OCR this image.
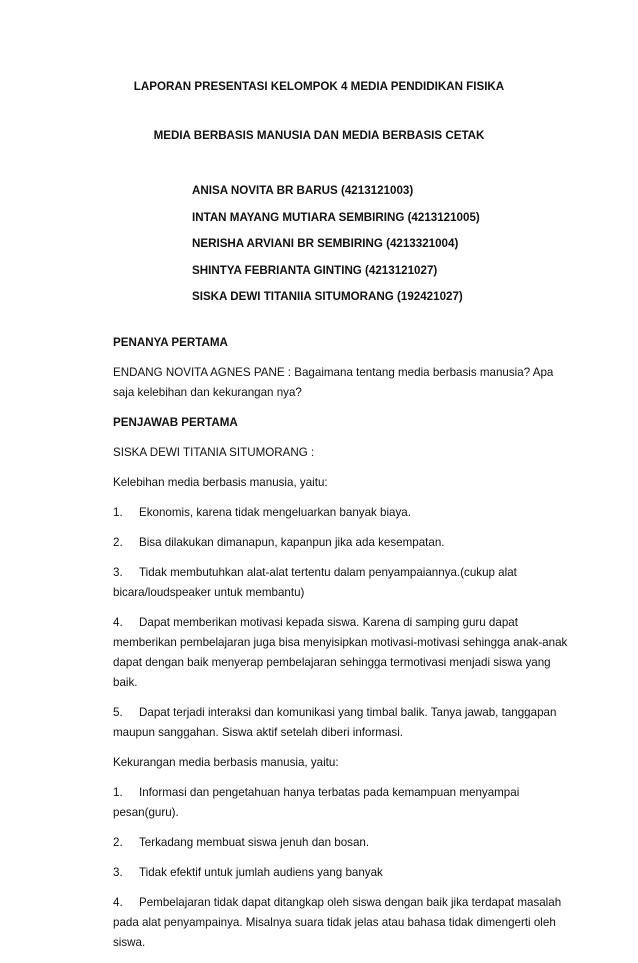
LAPORAN PRESENTASI KELOMPOK 4 MEDIA PENDIDIKAN FISIKA

MEDIA BERBASIS MANUSIA DAN MEDIA BERBASIS CETAK

ANISA NOVITA BR BARUS (4213121003)
INTAN MAYANG MUTIARA SEMBIRING (4213121005)
NERISHA ARVIANI BR SEMBIRING (4213321004)
SHINTYA FEBRIANTA GINTING (4213121027)
SISKA DEWI TITANIIA SITUMORANG (192421027)

PENANYA PERTAMA

ENDANG NOVITA AGNES PANE : Bagaimana tentang media berbasis manusia? Apa saja kelebihan dan kekurangan nya?

PENJAWAB PERTAMA

SISKA DEWI TITANIA SITUMORANG :

Kelebihan media berbasis manusia, yaitu:

1. Ekonomis, karena tidak mengeluarkan banyak biaya.

2. Bisa dilakukan dimanapun, kapanpun jika ada kesempatan.

3. Tidak membutuhkan alat-alat tertentu dalam penyampaiannya.(cukup alat bicara/loudspeaker untuk membantu)

4. Dapat memberikan motivasi kepada siswa. Karena di samping guru dapat memberikan pembelajaran juga bisa menyisipkan motivasi-motivasi sehingga anak-anak dapat dengan baik menyerap pembelajaran sehingga termotivasi menjadi siswa yang baik.

5. Dapat terjadi interaksi dan komunikasi yang timbal balik. Tanya jawab, tanggapan maupun sanggahan. Siswa aktif setelah diberi informasi.

Kekurangan media berbasis manusia, yaitu:

1. Informasi dan pengetahuan hanya terbatas pada kemampuan menyampai pesan(guru).

2. Terkadang membuat siswa jenuh dan bosan.

3. Tidak efektif untuk jumlah audiens yang banyak

4. Pembelajaran tidak dapat ditangkap oleh siswa dengan baik jika terdapat masalah pada alat penyampainya. Misalnya suara tidak jelas atau bahasa tidak dimengerti oleh siswa.
